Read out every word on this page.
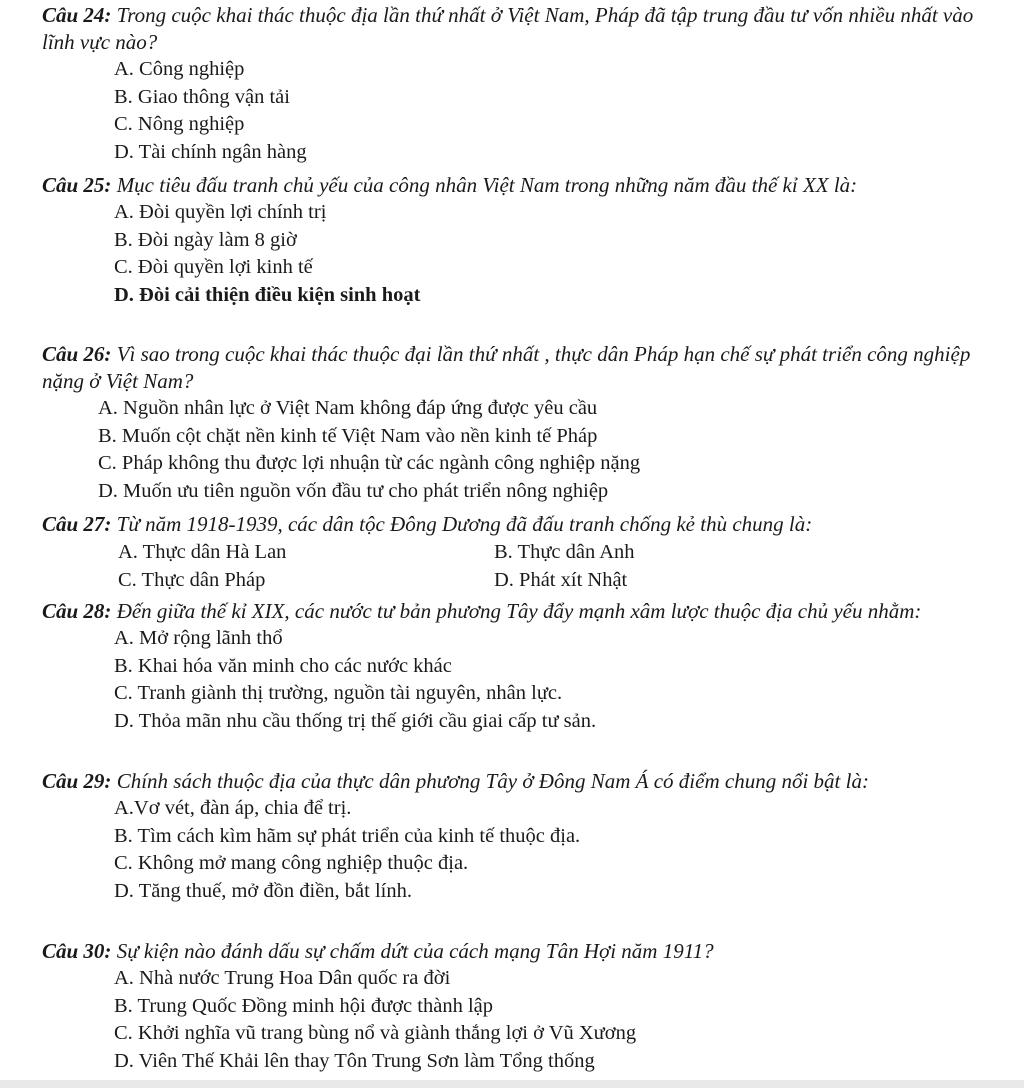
Câu 24: Trong cuộc khai thác thuộc địa lần thứ nhất ở Việt Nam, Pháp đã tập trung đầu tư vốn nhiều nhất vào lĩnh vực nào?

A. Công nghiệp
B. Giao thông vận tải
C. Nông nghiệp
D. Tài chính ngân hàng

Câu 25: Mục tiêu đấu tranh chủ yếu của công nhân Việt Nam trong những năm đầu thế kỉ XX là:

A. Đòi quyền lợi chính trị
B. Đòi ngày làm 8 giờ
C. Đòi quyền lợi kinh tế
D. Đòi cải thiện điều kiện sinh hoạt

Câu 26: Vì sao trong cuộc khai thác thuộc đại lần thứ nhất , thực dân Pháp hạn chế sự phát triển công nghiệp nặng ở Việt Nam?

A. Nguồn nhân lực ở Việt Nam không đáp ứng được yêu cầu
B. Muốn cột chặt nền kinh tế Việt Nam vào nền kinh tế Pháp
C. Pháp không thu được lợi nhuận từ các ngành công nghiệp nặng
D. Muốn ưu tiên nguồn vốn đầu tư cho phát triển nông nghiệp

Câu 27: Từ năm 1918-1939, các dân tộc Đông Dương đã đấu tranh chống kẻ thù chung là:

A. Thực dân Hà Lan	B. Thực dân Anh
C. Thực dân Pháp	D. Phát xít Nhật

Câu 28: Đến giữa thế kỉ XIX, các nước tư bản phương Tây đẩy mạnh xâm lược thuộc địa chủ yếu nhằm:

A. Mở rộng lãnh thổ
B. Khai hóa văn minh cho các nước khác
C. Tranh giành thị trường, nguồn tài nguyên, nhân lực.
D. Thỏa mãn nhu cầu thống trị thế giới cầu giai cấp tư sản.

Câu 29: Chính sách thuộc địa của thực dân phương Tây ở Đông Nam Á có điểm chung nổi bật là:

A.Vơ vét, đàn áp, chia để trị.
B. Tìm cách kìm hãm sự phát triển của kinh tế thuộc địa.
C. Không mở mang công nghiệp thuộc địa.
D. Tăng thuế, mở đồn điền, bắt lính.

Câu 30: Sự kiện nào đánh dấu sự chấm dứt của cách mạng Tân Hợi năm 1911?

A. Nhà nước Trung Hoa Dân quốc ra đời
B. Trung Quốc Đồng minh hội được thành lập
C. Khởi nghĩa vũ trang bùng nổ và giành thắng lợi ở Vũ Xương
D. Viên Thế Khải lên thay Tôn Trung Sơn làm Tổng thống
